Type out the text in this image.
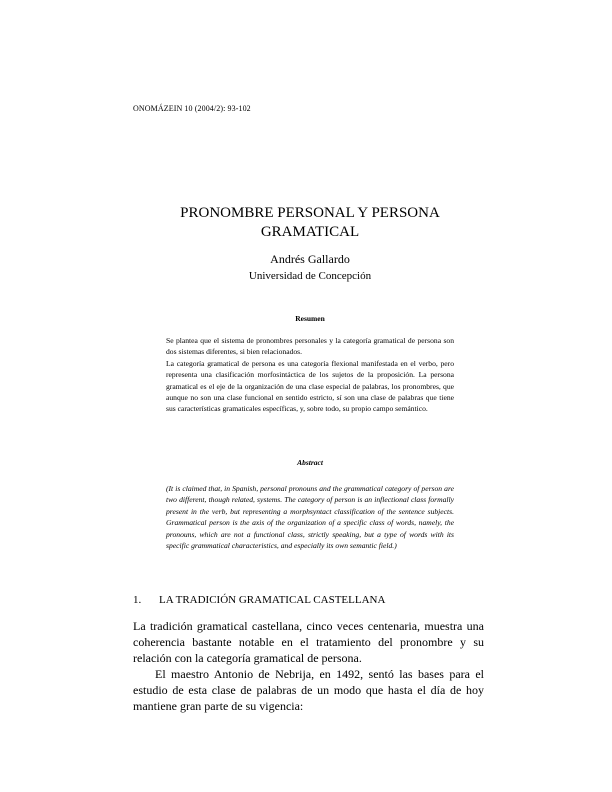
ONOMÁZEIN 10 (2004/2): 93-102
PRONOMBRE PERSONAL Y PERSONA
GRAMATICAL
Andrés Gallardo
Universidad de Concepción
Resumen

Se plantea que el sistema de pronombres personales y la categoría gramatical de persona son dos sistemas diferentes, si bien relacionados.

La categoría gramatical de persona es una categoría flexional manifestada en el verbo, pero representa una clasificación morfosintáctica de los sujetos de la proposición. La persona gramatical es el eje de la organización de una clase especial de palabras, los pronombres, que aunque no son una clase funcional en sentido estricto, sí son una clase de palabras que tiene sus características gramaticales específicas, y, sobre todo, su propio campo semántico.

Abstract

(It is claimed that, in Spanish, personal pronouns and the grammatical category of person are two different, though related, systems. The category of person is an inflectional class formally present in the verb, but representing a morphsyntact classification of the sentence subjects. Grammatical person is the axis of the organization of a specific class of words, namely, the pronouns, which are not a functional class, strictly speaking, but a type of words with its specific grammatical characteristics, and especially its own semantic field.)

1.	LA TRADICIÓN GRAMATICAL CASTELLANA

La tradición gramatical castellana, cinco veces centenaria, muestra una coherencia bastante notable en el tratamiento del pronombre y su relación con la categoría gramatical de persona.

El maestro Antonio de Nebrija, en 1492, sentó las bases para el estudio de esta clase de palabras de un modo que hasta el día de hoy mantiene gran parte de su vigencia:
